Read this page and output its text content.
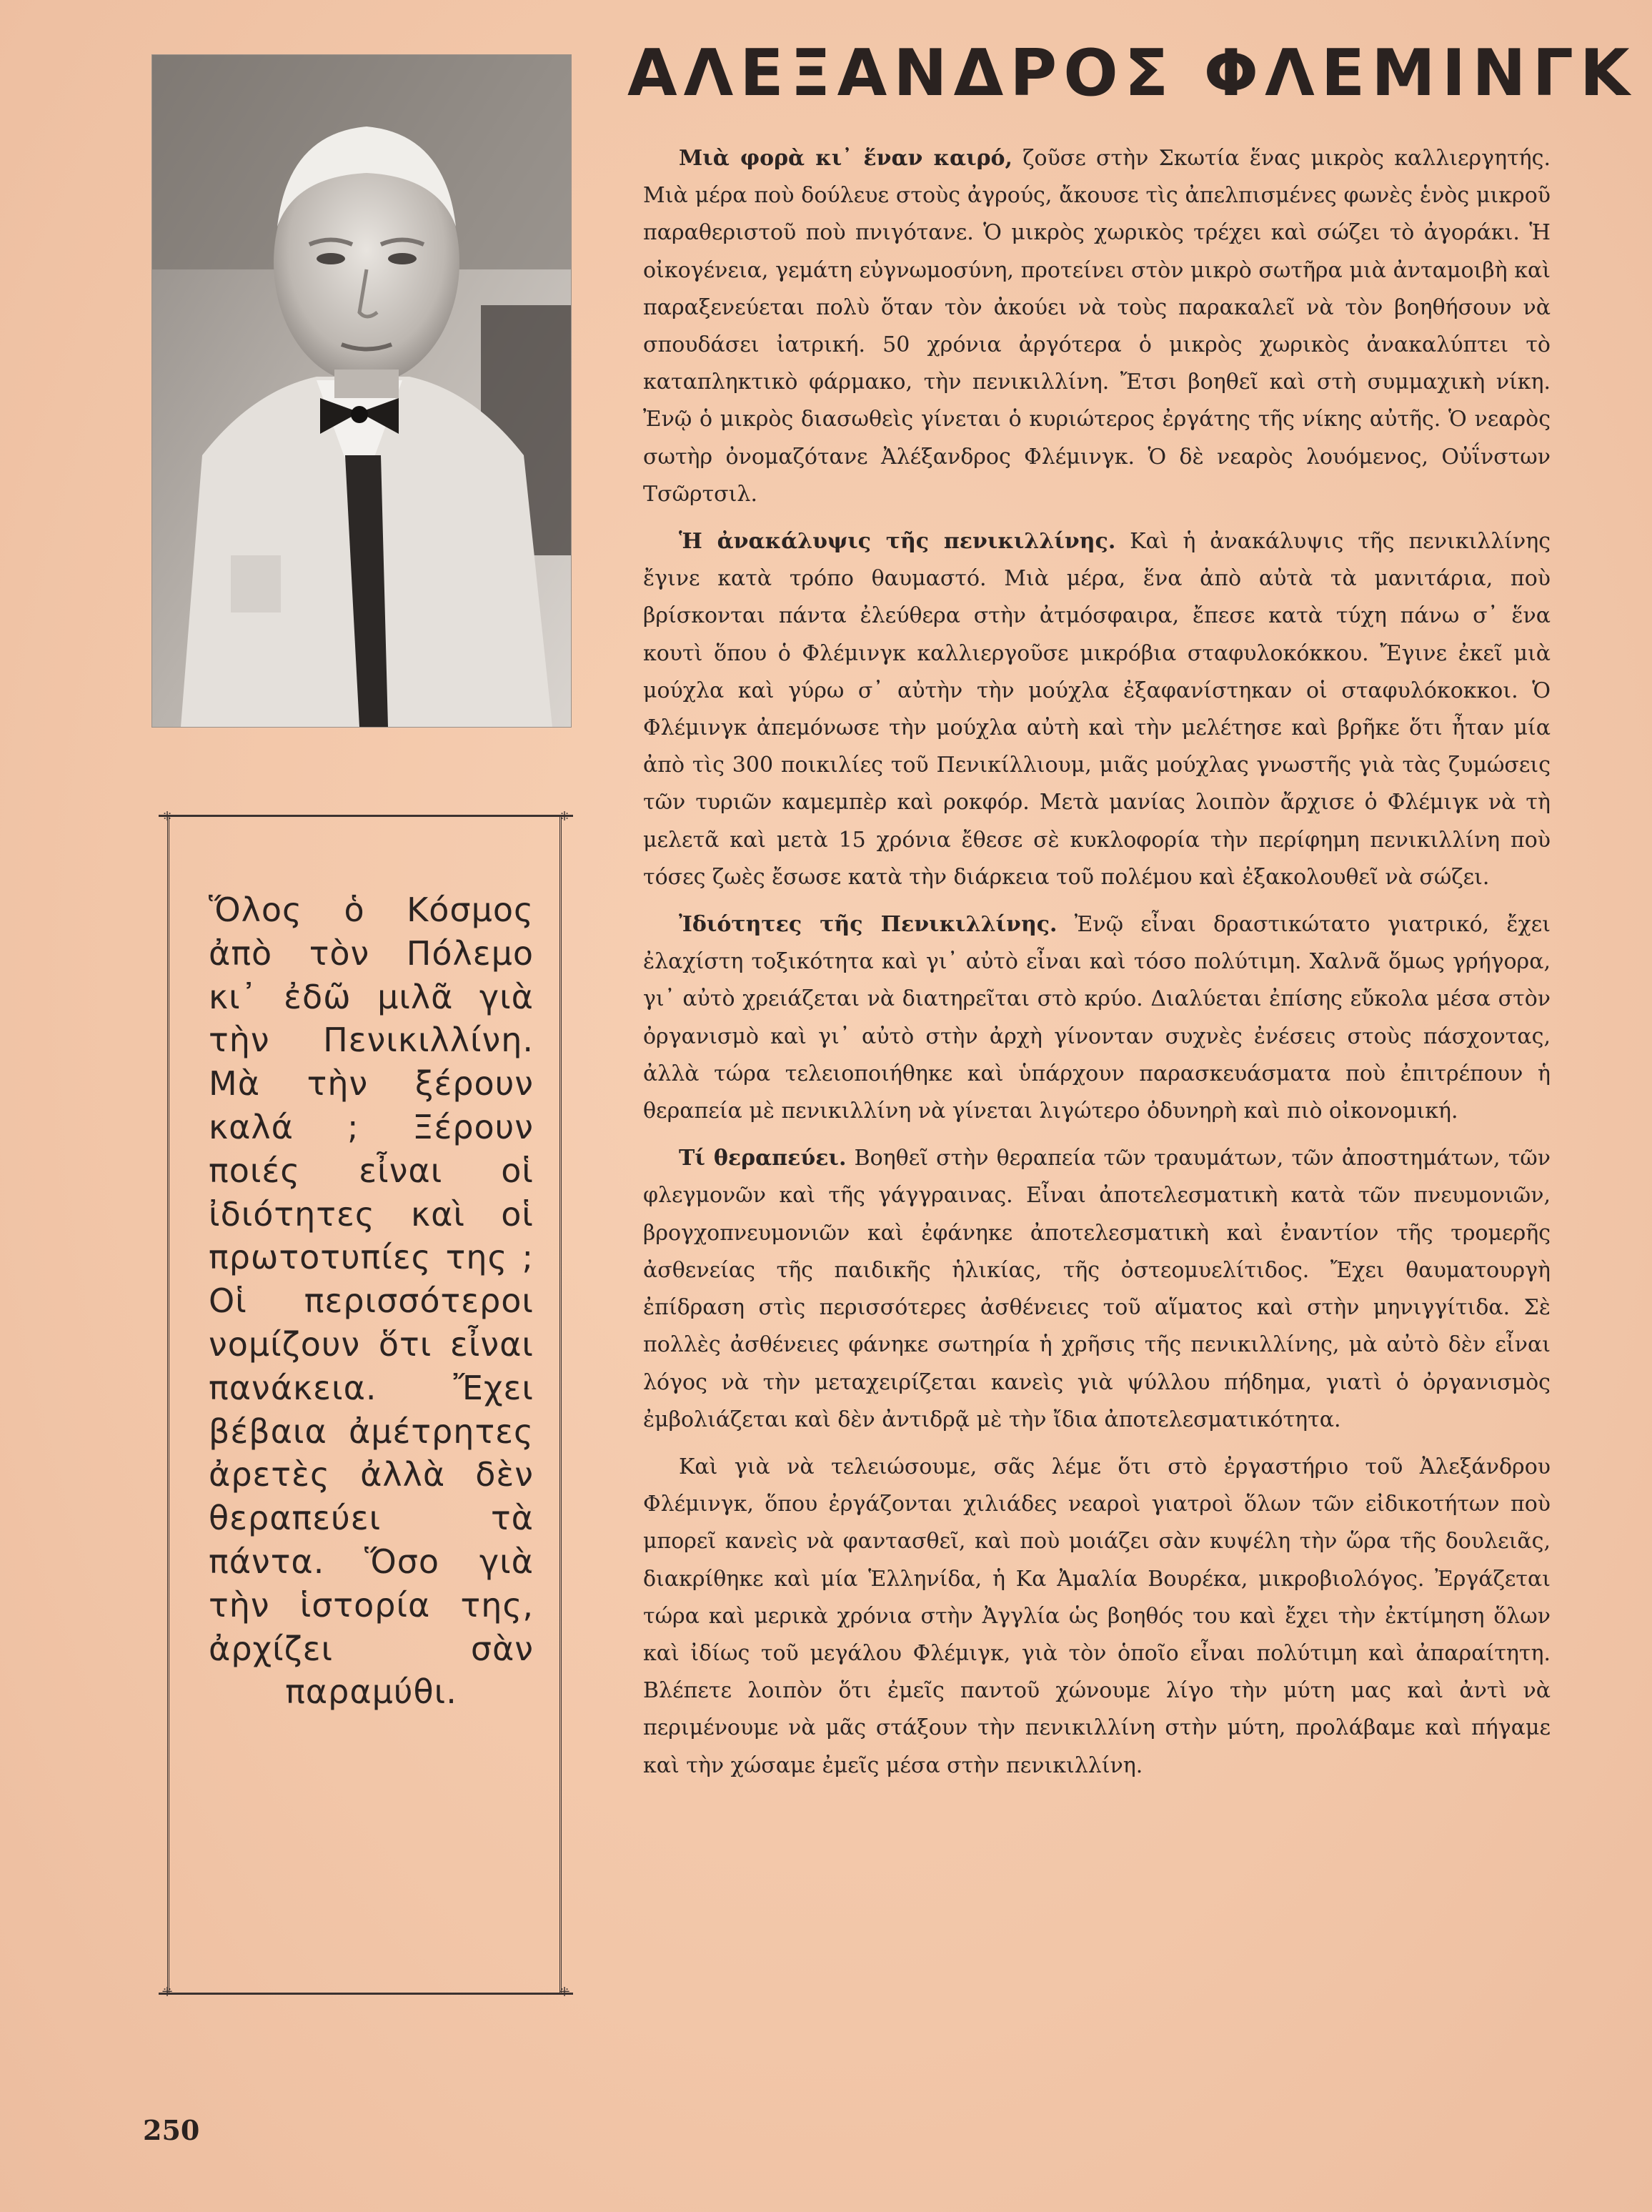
⁜	⁜
⁜	⁜
Ὅλος ὁ Κόσμος ἀπὸ τὸν Πόλεμο κι᾽ ἐδῶ μιλᾶ γιὰ τὴν Πενικιλλίνη. Μὰ τὴν ξέρουν καλά ; Ξέρουν ποιές εἶναι οἱ ἰδιότητες καὶ οἱ πρωτοτυπίες της ; Οἱ περισσότεροι νομίζουν ὅτι εἶναι πανάκεια. Ἔχει βέβαια ἀμέτρητες ἀρετὲς ἀλλὰ δὲν θεραπεύει τὰ πάντα. Ὅσο γιὰ τὴν ἱστορία της, ἀρχίζει σὰν παραμύθι.
ΑΛΕΞΑΝΔΡΟΣ ΦΛΕΜΙΝΓΚ

Μιὰ φορὰ κι᾽ ἕναν καιρό, ζοῦσε στὴν Σκωτία ἕνας μικρὸς καλλιεργητής. Μιὰ μέρα ποὺ δούλευε στοὺς ἀγρούς, ἄκουσε τὶς ἀπελπισμένες φωνὲς ἑνὸς μικροῦ παραθεριστοῦ ποὺ πνιγότανε. Ὁ μικρὸς χωρικὸς τρέχει καὶ σώζει τὸ ἀγοράκι. Ἡ οἰκογένεια, γεμάτη εὐγνωμοσύνη, προτείνει στὸν μικρὸ σωτῆρα μιὰ ἀνταμοιβὴ καὶ παραξενεύεται πολὺ ὅταν τὸν ἀκούει νὰ τοὺς παρακαλεῖ νὰ τὸν βοηθήσουν νὰ σπουδάσει ἰατρική. 50 χρόνια ἀργότερα ὁ μικρὸς χωρικὸς ἀνακαλύπτει τὸ καταπληκτικὸ φάρμακο, τὴν πενικιλλίνη. Ἔτσι βοηθεῖ καὶ στὴ συμμαχικὴ νίκη. Ἐνῷ ὁ μικρὸς διασωθεὶς γίνεται ὁ κυριώτερος ἐργάτης τῆς νίκης αὐτῆς. Ὁ νεαρὸς σωτὴρ ὀνομαζότανε Ἀλέξανδρος Φλέμινγκ. Ὁ δὲ νεαρὸς λουόμενος, Οὐΐνστων Τσῶρτσιλ.

Ἡ ἀνακάλυψις τῆς πενικιλλίνης. Καὶ ἡ ἀνακάλυψις τῆς πενικιλλίνης ἔγινε κατὰ τρόπο θαυμαστό. Μιὰ μέρα, ἕνα ἀπὸ αὐτὰ τὰ μανιτάρια, ποὺ βρίσκονται πάντα ἐλεύθερα στὴν ἀτμόσφαιρα, ἔπεσε κατὰ τύχη πάνω σ᾽ ἕνα κουτὶ ὅπου ὁ Φλέμινγκ καλλιεργοῦσε μικρόβια σταφυλοκόκκου. Ἔγινε ἐκεῖ μιὰ μούχλα καὶ γύρω σ᾽ αὐτὴν τὴν μούχλα ἐξαφανίστηκαν οἱ σταφυλόκοκκοι. Ὁ Φλέμινγκ ἀπεμόνωσε τὴν μούχλα αὐτὴ καὶ τὴν μελέτησε καὶ βρῆκε ὅτι ἦταν μία ἀπὸ τὶς 300 ποικιλίες τοῦ Πενικίλλιουμ, μιᾶς μούχλας γνωστῆς γιὰ τὰς ζυμώσεις τῶν τυριῶν καμεμπὲρ καὶ ροκφόρ. Μετὰ μανίας λοιπὸν ἄρχισε ὁ Φλέμιγκ νὰ τὴ μελετᾶ καὶ μετὰ 15 χρόνια ἔθεσε σὲ κυκλοφορία τὴν περίφημη πενικιλλίνη ποὺ τόσες ζωὲς ἔσωσε κατὰ τὴν διάρκεια τοῦ πολέμου καὶ ἐξακολουθεῖ νὰ σώζει.

Ἰδιότητες τῆς Πενικιλλίνης. Ἐνῷ εἶναι δραστικώτατο γιατρικό, ἔχει ἐλαχίστη τοξικότητα καὶ γι᾽ αὐτὸ εἶναι καὶ τόσο πολύτιμη. Χαλνᾶ ὅμως γρήγορα, γι᾽ αὐτὸ χρειάζεται νὰ διατηρεῖται στὸ κρύο. Διαλύεται ἐπίσης εὔκολα μέσα στὸν ὀργανισμὸ καὶ γι᾽ αὐτὸ στὴν ἀρχὴ γίνονταν συχνὲς ἐνέσεις στοὺς πάσχοντας, ἀλλὰ τώρα τελειοποιήθηκε καὶ ὑπάρχουν παρασκευάσματα ποὺ ἐπιτρέπουν ἡ θεραπεία μὲ πενικιλλίνη νὰ γίνεται λιγώτερο ὀδυνηρὴ καὶ πιὸ οἰκονομική.

Τί θεραπεύει. Βοηθεῖ στὴν θεραπεία τῶν τραυμάτων, τῶν ἀποστημάτων, τῶν φλεγμονῶν καὶ τῆς γάγγραινας. Εἶναι ἀποτελεσματικὴ κατὰ τῶν πνευμονιῶν, βρογχοπνευμονιῶν καὶ ἐφάνηκε ἀποτελεσματικὴ καὶ ἐναντίον τῆς τρομερῆς ἀσθενείας τῆς παιδικῆς ἡλικίας, τῆς ὀστεομυελίτιδος. Ἔχει θαυματουργὴ ἐπίδραση στὶς περισσότερες ἀσθένειες τοῦ αἵματος καὶ στὴν μηνιγγίτιδα. Σὲ πολλὲς ἀσθένειες φάνηκε σωτηρία ἡ χρῆσις τῆς πενικιλλίνης, μὰ αὐτὸ δὲν εἶναι λόγος νὰ τὴν μεταχειρίζεται κανεὶς γιὰ ψύλλου πήδημα, γιατὶ ὁ ὀργανισμὸς ἐμβολιάζεται καὶ δὲν ἀντιδρᾷ μὲ τὴν ἴδια ἀποτελεσματικότητα.

Καὶ γιὰ νὰ τελειώσουμε, σᾶς λέμε ὅτι στὸ ἐργαστήριο τοῦ Ἀλεξάνδρου Φλέμινγκ, ὅπου ἐργάζονται χιλιάδες νεαροὶ γιατροὶ ὅλων τῶν εἰδικοτήτων ποὺ μπορεῖ κανεὶς νὰ φαντασθεῖ, καὶ ποὺ μοιάζει σὰν κυψέλη τὴν ὥρα τῆς δουλειᾶς, διακρίθηκε καὶ μία Ἑλληνίδα, ἡ Κα Ἀμαλία Βουρέκα, μικροβιολόγος. Ἐργάζεται τώρα καὶ μερικὰ χρόνια στὴν Ἀγγλία ὡς βοηθός του καὶ ἔχει τὴν ἐκτίμηση ὅλων καὶ ἰδίως τοῦ μεγάλου Φλέμιγκ, γιὰ τὸν ὁποῖο εἶναι πολύτιμη καὶ ἀπαραίτητη. Βλέπετε λοιπὸν ὅτι ἐμεῖς παντοῦ χώνουμε λίγο τὴν μύτη μας καὶ ἀντὶ νὰ περιμένουμε νὰ μᾶς στάξουν τὴν πενικιλλίνη στὴν μύτη, προλάβαμε καὶ πήγαμε καὶ τὴν χώσαμε ἐμεῖς μέσα στὴν πενικιλλίνη.

250
